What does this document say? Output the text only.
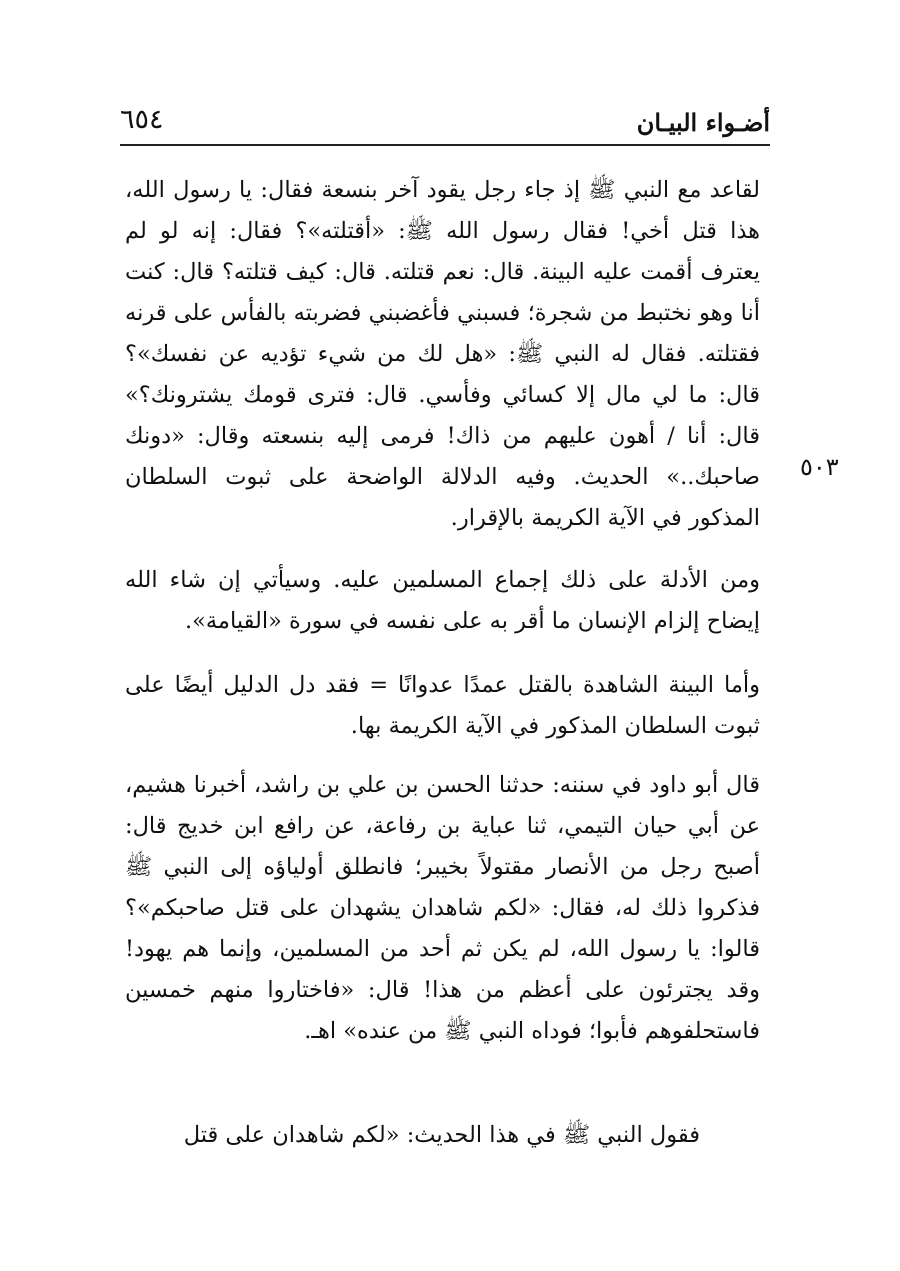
أضـواء البيـان
٦٥٤
٥٠٣
لقاعد مع النبي ﷺ إذ جاء رجل يقود آخر بنسعة فقال: يا رسول الله، هذا قتل أخي! فقال رسول الله ﷺ: «أقتلته»؟ فقال: إنه لو لم يعترف أقمت عليه البينة. قال: نعم قتلته. قال: كيف قتلته؟ قال: كنت أنا وهو نختبط من شجرة؛ فسبني فأغضبني فضربته بالفأس على قرنه فقتلته. فقال له النبي ﷺ: «هل لك من شيء تؤديه عن نفسك»؟ قال: ما لي مال إلا كسائي وفأسي. قال: فترى قومك يشترونك؟» قال: أنا / أهون عليهم من ذاك! فرمى إليه بنسعته وقال: «دونك صاحبك..» الحديث. وفيه الدلالة الواضحة على ثبوت السلطان المذكور في الآية الكريمة بالإقرار.
ومن الأدلة على ذلك إجماع المسلمين عليه. وسيأتي إن شاء الله إيضاح إلزام الإنسان ما أقر به على نفسه في سورة «القيامة».
وأما البينة الشاهدة بالقتل عمدًا عدوانًا = فقد دل الدليل أيضًا على ثبوت السلطان المذكور في الآية الكريمة بها.
قال أبو داود في سننه: حدثنا الحسن بن علي بن راشد، أخبرنا هشيم، عن أبي حيان التيمي، ثنا عباية بن رفاعة، عن رافع ابن خديج قال: أصبح رجل من الأنصار مقتولاً بخيبر؛ فانطلق أولياؤه إلى النبي ﷺ فذكروا ذلك له، فقال: «لكم شاهدان يشهدان على قتل صاحبكم»؟ قالوا: يا رسول الله، لم يكن ثم أحد من المسلمين، وإنما هم يهود! وقد يجترئون على أعظم من هذا! قال: «فاختاروا منهم خمسين فاستحلفوهم فأبوا؛ فوداه النبي ﷺ من عنده» اهـ.
فقول النبي ﷺ في هذا الحديث: «لكم شاهدان على قتل
